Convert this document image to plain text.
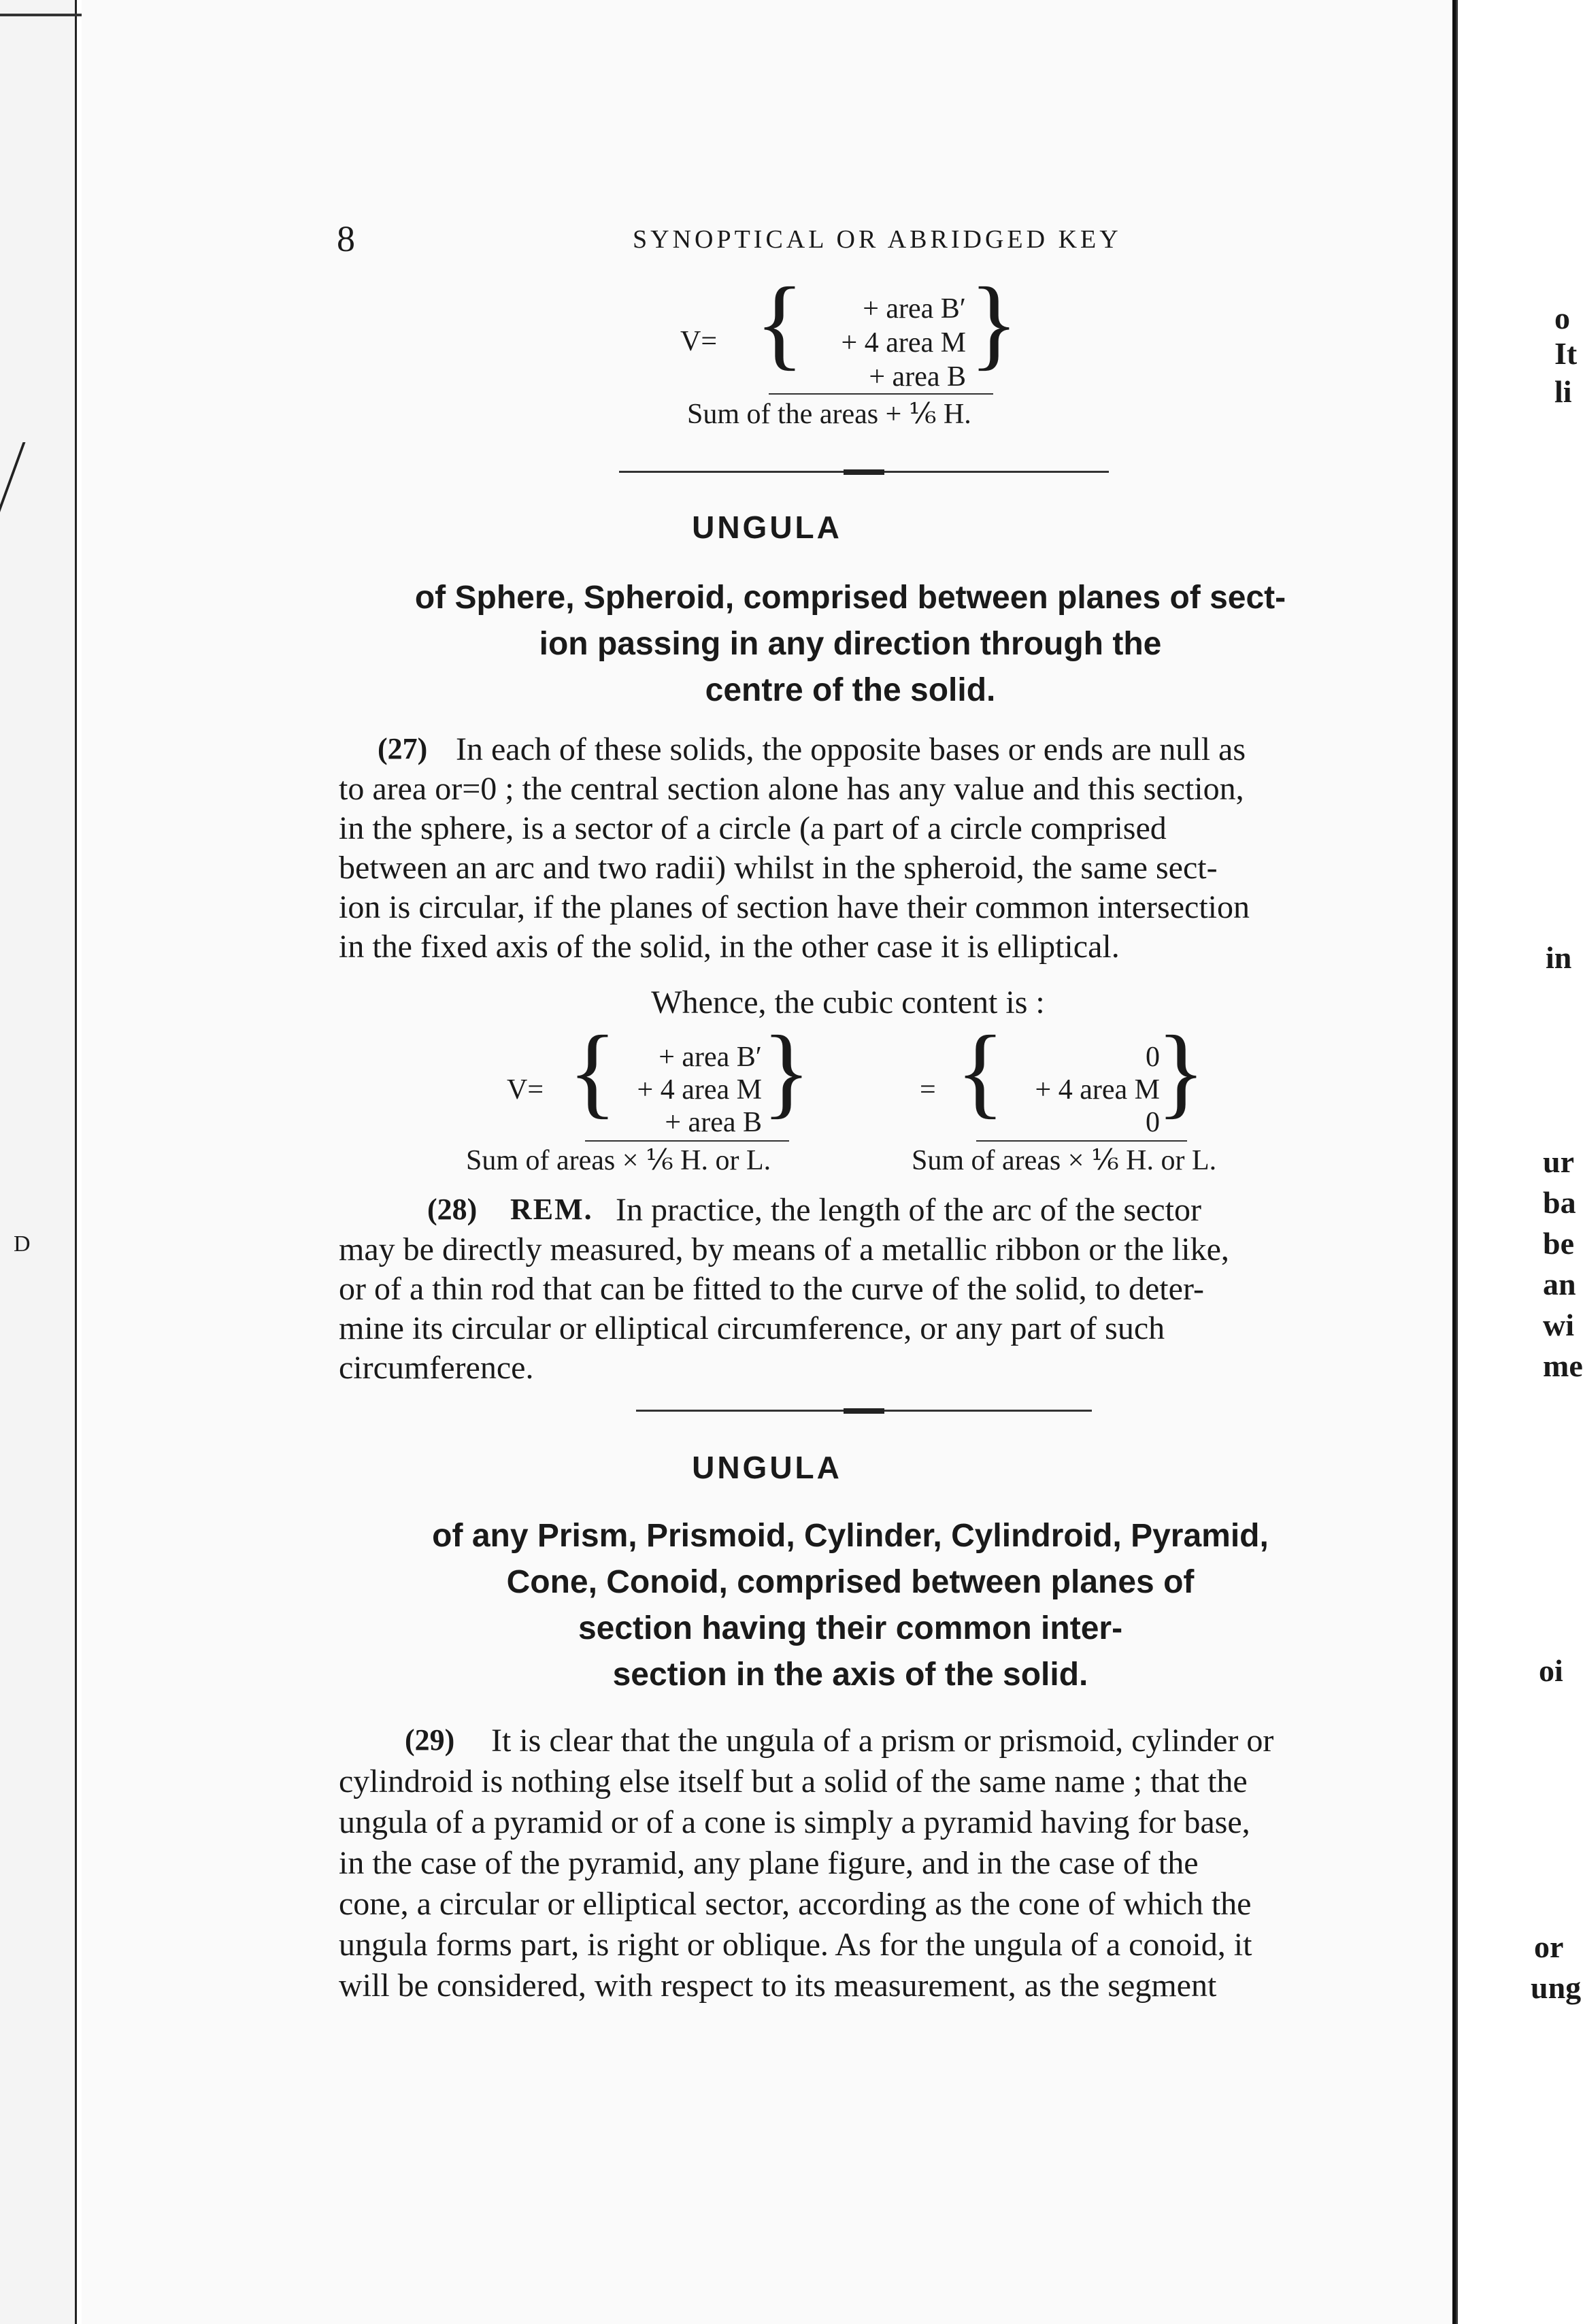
D
8	SYNOPTICAL OR ABRIDGED KEY
V= {	+ area B′
+ 4 area M
+ area B }
Sum of the areas + ⅙ H.
UNGULA
of Sphere, Spheroid, comprised between planes of sect-
ion passing in any direction through the
centre of the solid.
(27) In each of these solids, the opposite bases or ends are null as
to area or=0 ; the central section alone has any value and this section,
in the sphere, is a sector of a circle (a part of a circle comprised
between an arc and two radii) whilst in the spheroid, the same sect-
ion is circular, if the planes of section have their common intersection
in the fixed axis of the solid, in the other case it is elliptical.
Whence, the cubic content is :
V= {	+ area B′
+ 4 area M
+ area B }
Sum of areas × ⅙ H. or L.
= {	0
+ 4 area M
0
}
Sum of areas × ⅙ H. or L.
(28) REM. In practice, the length of the arc of the sector
may be directly measured, by means of a metallic ribbon or the like,
or of a thin rod that can be fitted to the curve of the solid, to deter-
mine its circular or elliptical circumference, or any part of such
circumference.
UNGULA
of any Prism, Prismoid, Cylinder, Cylindroid, Pyramid,
Cone, Conoid, comprised between planes of
section having their common inter-
section in the axis of the solid.
(29) It is clear that the ungula of a prism or prismoid, cylinder or
cylindroid is nothing else itself but a solid of the same name ; that the
ungula of a pyramid or of a cone is simply a pyramid having for base,
in the case of the pyramid, any plane figure, and in the case of the
cone, a circular or elliptical sector, according as the cone of which the
ungula forms part, is right or oblique. As for the ungula of a conoid, it
will be considered, with respect to its measurement, as the segment
o
It
li
in
ur
ba
be
an
wi
me
oi
or
ung
